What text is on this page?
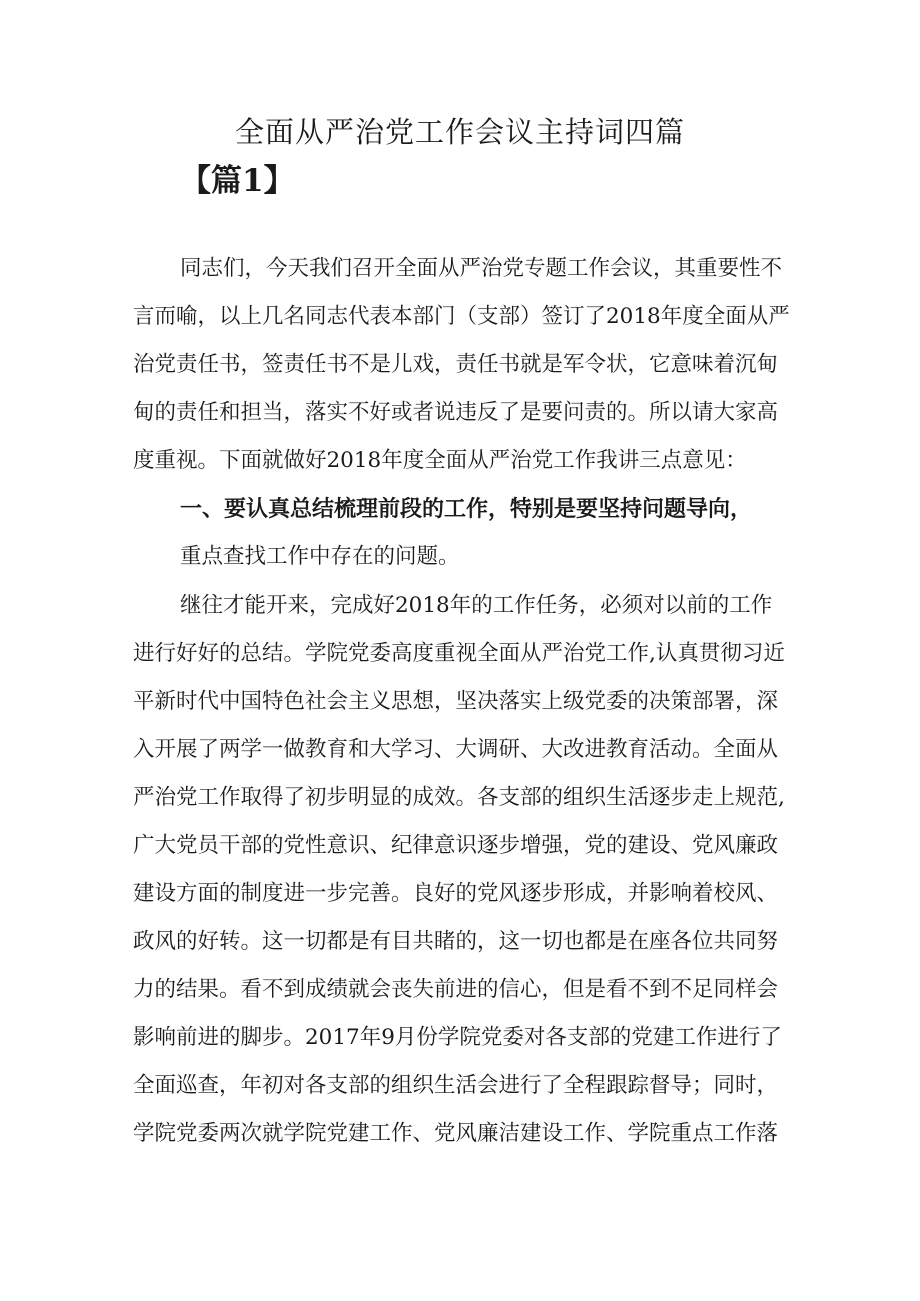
全面从严治党工作会议主持词四篇
【篇1】
同志们，今天我们召开全面从严治党专题工作会议，其重要性不
言而喻，以上几名同志代表本部门（支部）签订了2018年度全面从严
治党责任书，签责任书不是儿戏，责任书就是军令状，它意味着沉甸
甸的责任和担当，落实不好或者说违反了是要问责的。所以请大家高
度重视。下面就做好2018年度全面从严治党工作我讲三点意见：
一、要认真总结梳理前段的工作，特别是要坚持问题导向，
重点查找工作中存在的问题。
继往才能开来，完成好2018年的工作任务，必须对以前的工作
进行好好的总结。学院党委高度重视全面从严治党工作,认真贯彻习近
平新时代中国特色社会主义思想，坚决落实上级党委的决策部署，深
入开展了两学一做教育和大学习、大调研、大改进教育活动。全面从
严治党工作取得了初步明显的成效。各支部的组织生活逐步走上规范,
广大党员干部的党性意识、纪律意识逐步增强，党的建设、党风廉政
建设方面的制度进一步完善。良好的党风逐步形成，并影响着校风、
政风的好转。这一切都是有目共睹的，这一切也都是在座各位共同努
力的结果。看不到成绩就会丧失前进的信心，但是看不到不足同样会
影响前进的脚步。2017年9月份学院党委对各支部的党建工作进行了
全面巡查，年初对各支部的组织生活会进行了全程跟踪督导；同时，
学院党委两次就学院党建工作、党风廉洁建设工作、学院重点工作落
